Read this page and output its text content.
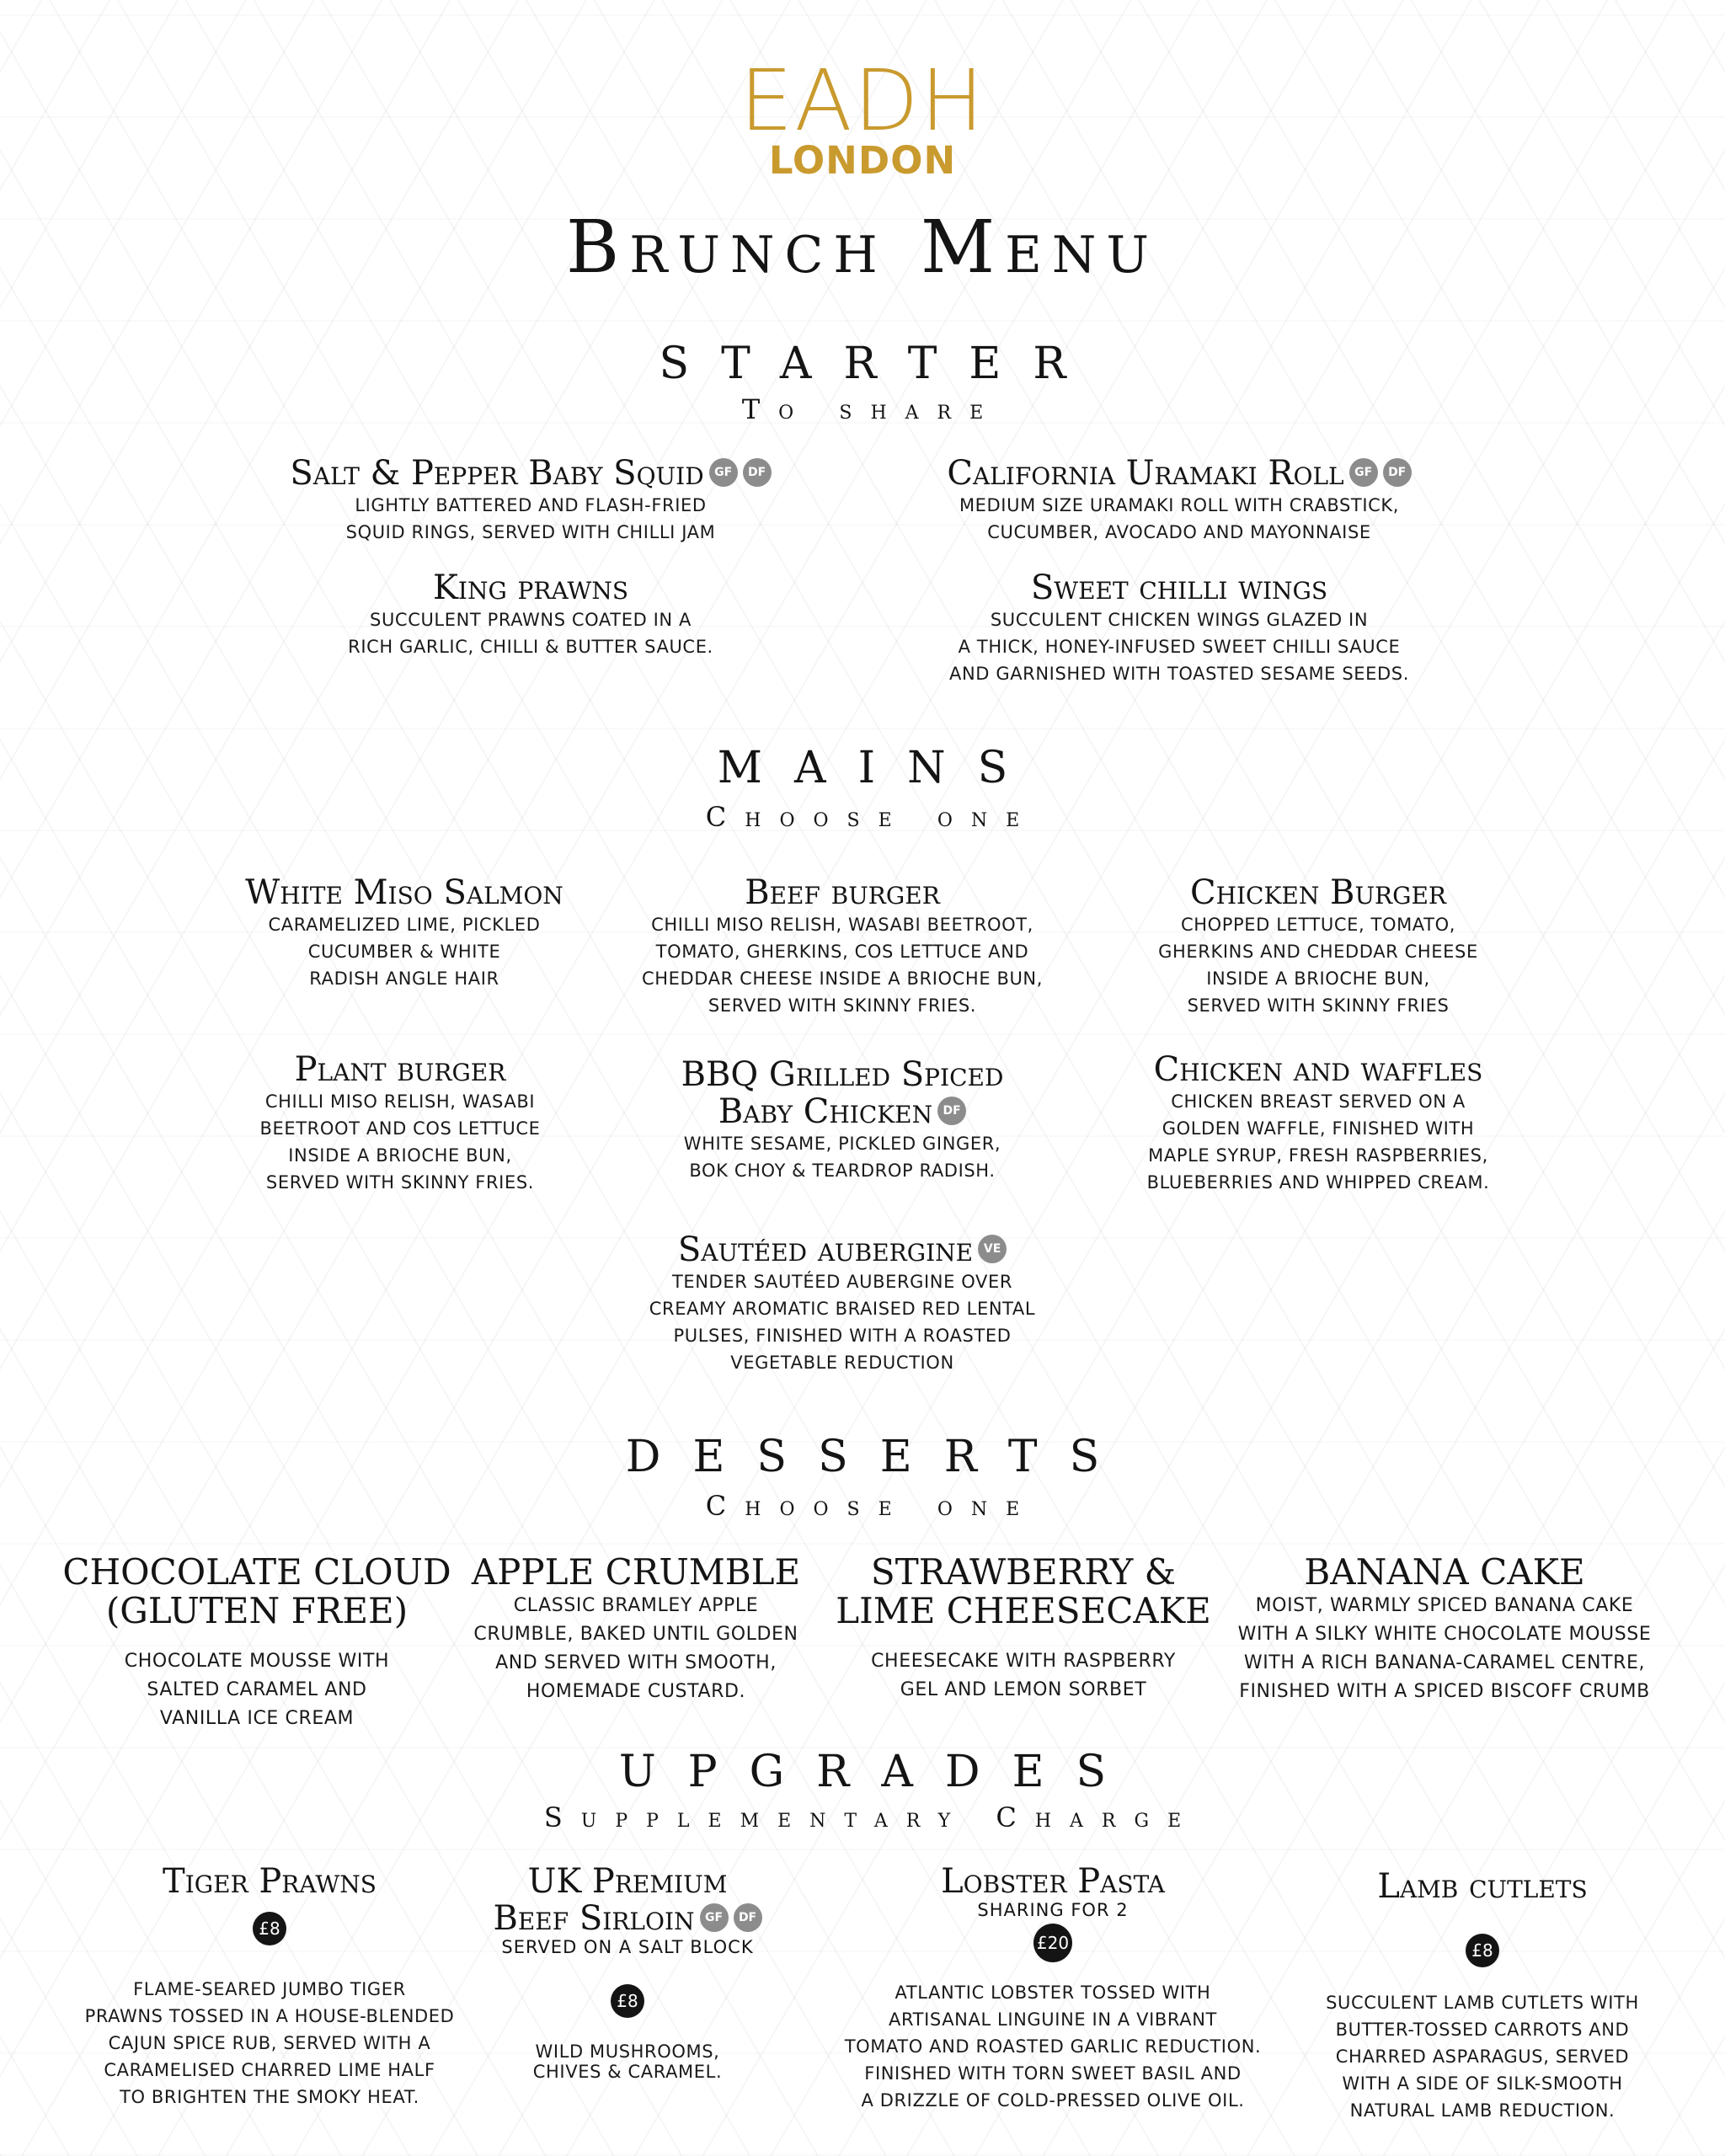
EADH
LONDON
Brunch Menu
STARTER
To share
Salt & Pepper Baby Squid GF DF
LIGHTLY BATTERED AND FLASH-FRIED
SQUID RINGS, SERVED WITH CHILLI JAM
California Uramaki Roll GF DF
MEDIUM SIZE URAMAKI ROLL WITH CRABSTICK,
CUCUMBER, AVOCADO AND MAYONNAISE
King prawns
SUCCULENT PRAWNS COATED IN A
RICH GARLIC, CHILLI & BUTTER SAUCE.
Sweet chilli wings
SUCCULENT CHICKEN WINGS GLAZED IN
A THICK, HONEY-INFUSED SWEET CHILLI SAUCE
AND GARNISHED WITH TOASTED SESAME SEEDS.
MAINS
Choose one
White Miso Salmon
CARAMELIZED LIME, PICKLED
CUCUMBER & WHITE
RADISH ANGLE HAIR
Beef burger
CHILLI MISO RELISH, WASABI BEETROOT,
TOMATO, GHERKINS, COS LETTUCE AND
CHEDDAR CHEESE INSIDE A BRIOCHE BUN,
SERVED WITH SKINNY FRIES.
Chicken Burger
CHOPPED LETTUCE, TOMATO,
GHERKINS AND CHEDDAR CHEESE
INSIDE A BRIOCHE BUN,
SERVED WITH SKINNY FRIES
Plant burger
CHILLI MISO RELISH, WASABI
BEETROOT AND COS LETTUCE
INSIDE A BRIOCHE BUN,
SERVED WITH SKINNY FRIES.
BBQ Grilled Spiced
Baby Chicken DF
WHITE SESAME, PICKLED GINGER,
BOK CHOY & TEARDROP RADISH.
Chicken and waffles
CHICKEN BREAST SERVED ON A
GOLDEN WAFFLE, FINISHED WITH
MAPLE SYRUP, FRESH RASPBERRIES,
BLUEBERRIES AND WHIPPED CREAM.
Sautéed aubergine VE
TENDER SAUTÉED AUBERGINE OVER
CREAMY AROMATIC BRAISED RED LENTAL
PULSES, FINISHED WITH A ROASTED
VEGETABLE REDUCTION
DESSERTS
Choose one
CHOCOLATE CLOUD
(GLUTEN FREE)
CHOCOLATE MOUSSE WITH
SALTED CARAMEL AND
VANILLA ICE CREAM
APPLE CRUMBLE
CLASSIC BRAMLEY APPLE
CRUMBLE, BAKED UNTIL GOLDEN
AND SERVED WITH SMOOTH,
HOMEMADE CUSTARD.
STRAWBERRY &
LIME CHEESECAKE
CHEESECAKE WITH RASPBERRY
GEL AND LEMON SORBET
BANANA CAKE
MOIST, WARMLY SPICED BANANA CAKE
WITH A SILKY WHITE CHOCOLATE MOUSSE
WITH A RICH BANANA-CARAMEL CENTRE,
FINISHED WITH A SPICED BISCOFF CRUMB
UPGRADES
Supplementary Charge
Tiger Prawns
£8
FLAME-SEARED JUMBO TIGER
PRAWNS TOSSED IN A HOUSE-BLENDED
CAJUN SPICE RUB, SERVED WITH A
CARAMELISED CHARRED LIME HALF
TO BRIGHTEN THE SMOKY HEAT.
UK Premium
Beef Sirloin GF DF
SERVED ON A SALT BLOCK
£8
WILD MUSHROOMS,
CHIVES & CARAMEL.
Lobster Pasta
SHARING FOR 2
£20
ATLANTIC LOBSTER TOSSED WITH
ARTISANAL LINGUINE IN A VIBRANT
TOMATO AND ROASTED GARLIC REDUCTION.
FINISHED WITH TORN SWEET BASIL AND
A DRIZZLE OF COLD-PRESSED OLIVE OIL.
Lamb cutlets
£8
SUCCULENT LAMB CUTLETS WITH
BUTTER-TOSSED CARROTS AND
CHARRED ASPARAGUS, SERVED
WITH A SIDE OF SILK-SMOOTH
NATURAL LAMB REDUCTION.
